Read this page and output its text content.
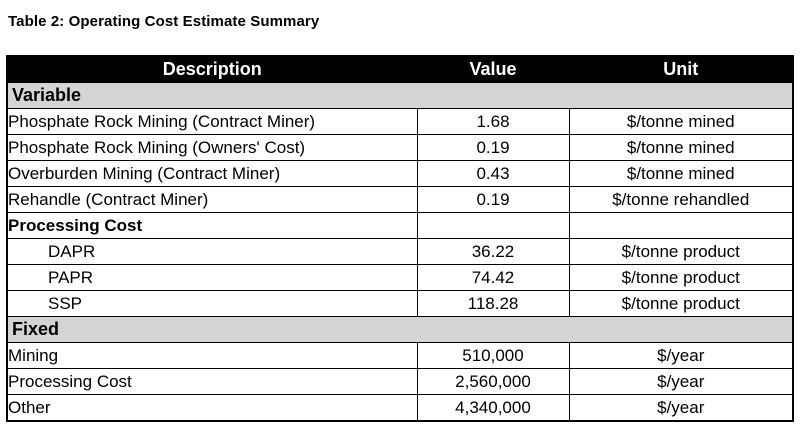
Table 2: Operating Cost Estimate Summary
Description	Value	Unit
Variable		
Phosphate Rock Mining (Contract Miner)	1.68	$/tonne mined
Phosphate Rock Mining (Owners' Cost)	0.19	$/tonne mined
Overburden Mining (Contract Miner)	0.43	$/tonne mined
Rehandle (Contract Miner)	0.19	$/tonne rehandled
Processing Cost		
DAPR	36.22	$/tonne product
PAPR	74.42	$/tonne product
SSP	118.28	$/tonne product
Fixed		
Mining	510,000	$/year
Processing Cost	2,560,000	$/year
Other	4,340,000	$/year
